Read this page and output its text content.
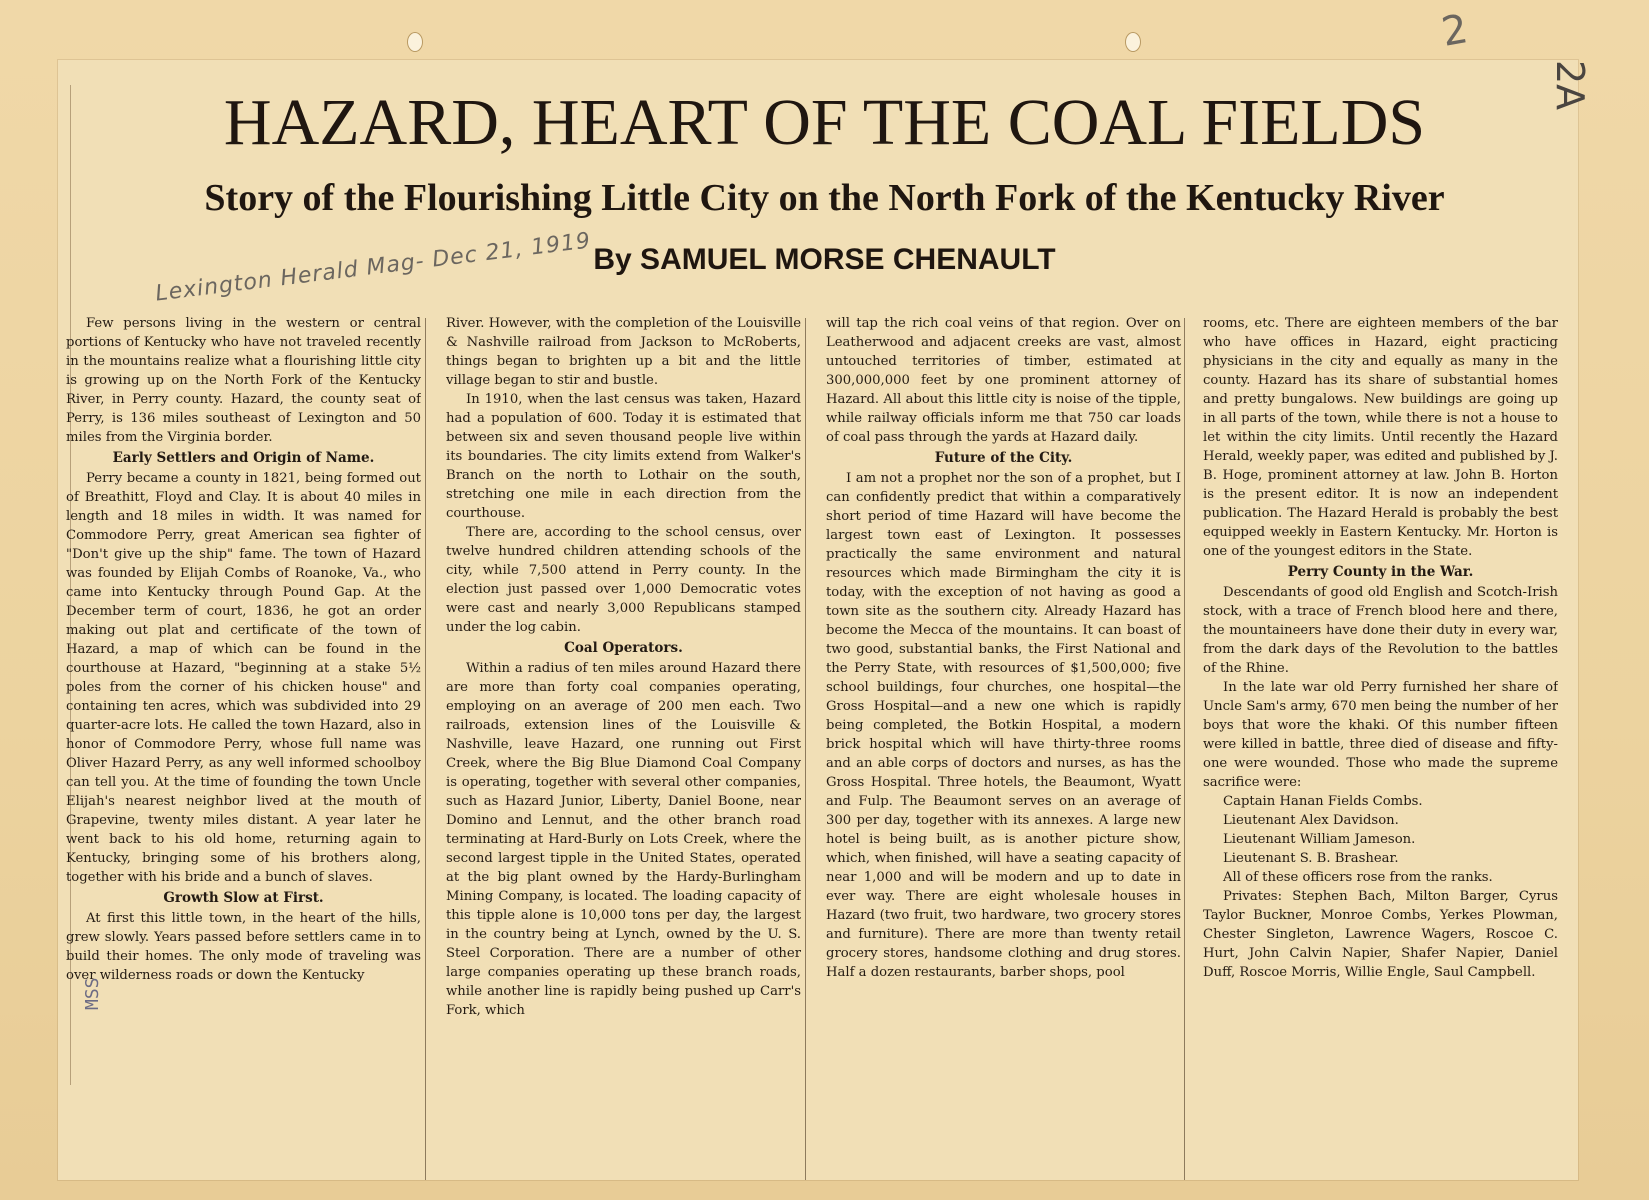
2
2A
Lexington Herald Mag- Dec 21, 1919
HAZARD, HEART OF THE COAL FIELDS
Story of the Flourishing Little City on the North Fork of the Kentucky River
By SAMUEL MORSE CHENAULT

Few persons living in the western or central portions of Kentucky who have not traveled recently in the mountains realize what a flourishing little city is growing up on the North Fork of the Kentucky River, in Perry county. Hazard, the county seat of Perry, is 136 miles southeast of Lexington and 50 miles from the Virginia border.

Early Settlers and Origin of Name.

Perry became a county in 1821, being formed out of Breathitt, Floyd and Clay. It is about 40 miles in length and 18 miles in width. It was named for Commodore Perry, great American sea fighter of "Don't give up the ship" fame. The town of Hazard was founded by Elijah Combs of Roanoke, Va., who came into Kentucky through Pound Gap. At the December term of court, 1836, he got an order making out plat and certificate of the town of Hazard, a map of which can be found in the courthouse at Hazard, "beginning at a stake 5½ poles from the corner of his chicken house" and containing ten acres, which was subdivided into 29 quarter-acre lots. He called the town Hazard, also in honor of Commodore Perry, whose full name was Oliver Hazard Perry, as any well informed schoolboy can tell you. At the time of founding the town Uncle Elijah's nearest neighbor lived at the mouth of Grapevine, twenty miles distant. A year later he went back to his old home, returning again to Kentucky, bringing some of his brothers along, together with his bride and a bunch of slaves.

Growth Slow at First.

At first this little town, in the heart of the hills, grew slowly. Years passed before settlers came in to build their homes. The only mode of traveling was over wilderness roads or down the Kentucky

River. However, with the completion of the Louisville & Nashville railroad from Jackson to McRoberts, things began to brighten up a bit and the little village began to stir and bustle.

In 1910, when the last census was taken, Hazard had a population of 600. Today it is estimated that between six and seven thousand people live within its boundaries. The city limits extend from Walker's Branch on the north to Lothair on the south, stretching one mile in each direction from the courthouse.

There are, according to the school census, over twelve hundred children attending schools of the city, while 7,500 attend in Perry county. In the election just passed over 1,000 Democratic votes were cast and nearly 3,000 Republicans stamped under the log cabin.

Coal Operators.

Within a radius of ten miles around Hazard there are more than forty coal companies operating, employing on an average of 200 men each. Two railroads, extension lines of the Louisville & Nashville, leave Hazard, one running out First Creek, where the Big Blue Diamond Coal Company is operating, together with several other companies, such as Hazard Junior, Liberty, Daniel Boone, near Domino and Lennut, and the other branch road terminating at Hard-Burly on Lots Creek, where the second largest tipple in the United States, operated at the big plant owned by the Hardy-Burlingham Mining Company, is located. The loading capacity of this tipple alone is 10,000 tons per day, the largest in the country being at Lynch, owned by the U. S. Steel Corporation. There are a number of other large companies operating up these branch roads, while another line is rapidly being pushed up Carr's Fork, which

will tap the rich coal veins of that region. Over on Leatherwood and adjacent creeks are vast, almost untouched territories of timber, estimated at 300,000,000 feet by one prominent attorney of Hazard. All about this little city is noise of the tipple, while railway officials inform me that 750 car loads of coal pass through the yards at Hazard daily.

Future of the City.

I am not a prophet nor the son of a prophet, but I can confidently predict that within a comparatively short period of time Hazard will have become the largest town east of Lexington. It possesses practically the same environment and natural resources which made Birmingham the city it is today, with the exception of not having as good a town site as the southern city. Already Hazard has become the Mecca of the mountains. It can boast of two good, substantial banks, the First National and the Perry State, with resources of $1,500,000; five school buildings, four churches, one hospital—the Gross Hospital—and a new one which is rapidly being completed, the Botkin Hospital, a modern brick hospital which will have thirty-three rooms and an able corps of doctors and nurses, as has the Gross Hospital. Three hotels, the Beaumont, Wyatt and Fulp. The Beaumont serves on an average of 300 per day, together with its annexes. A large new hotel is being built, as is another picture show, which, when finished, will have a seating capacity of near 1,000 and will be modern and up to date in ever way. There are eight wholesale houses in Hazard (two fruit, two hardware, two grocery stores and furniture). There are more than twenty retail grocery stores, handsome clothing and drug stores. Half a dozen restaurants, barber shops, pool

rooms, etc. There are eighteen members of the bar who have offices in Hazard, eight practicing physicians in the city and equally as many in the county. Hazard has its share of substantial homes and pretty bungalows. New buildings are going up in all parts of the town, while there is not a house to let within the city limits. Until recently the Hazard Herald, weekly paper, was edited and published by J. B. Hoge, prominent attorney at law. John B. Horton is the present editor. It is now an independent publication. The Hazard Herald is probably the best equipped weekly in Eastern Kentucky. Mr. Horton is one of the youngest editors in the State.

Perry County in the War.

Descendants of good old English and Scotch-Irish stock, with a trace of French blood here and there, the mountaineers have done their duty in every war, from the dark days of the Revolution to the battles of the Rhine.

In the late war old Perry furnished her share of Uncle Sam's army, 670 men being the number of her boys that wore the khaki. Of this number fifteen were killed in battle, three died of disease and fifty-one were wounded. Those who made the supreme sacrifice were:

Captain Hanan Fields Combs.

Lieutenant Alex Davidson.

Lieutenant William Jameson.

Lieutenant S. B. Brashear.

All of these officers rose from the ranks.

Privates: Stephen Bach, Milton Barger, Cyrus Taylor Buckner, Monroe Combs, Yerkes Plowman, Chester Singleton, Lawrence Wagers, Roscoe C. Hurt, John Calvin Napier, Shafer Napier, Daniel Duff, Roscoe Morris, Willie Engle, Saul Campbell.

MSS
